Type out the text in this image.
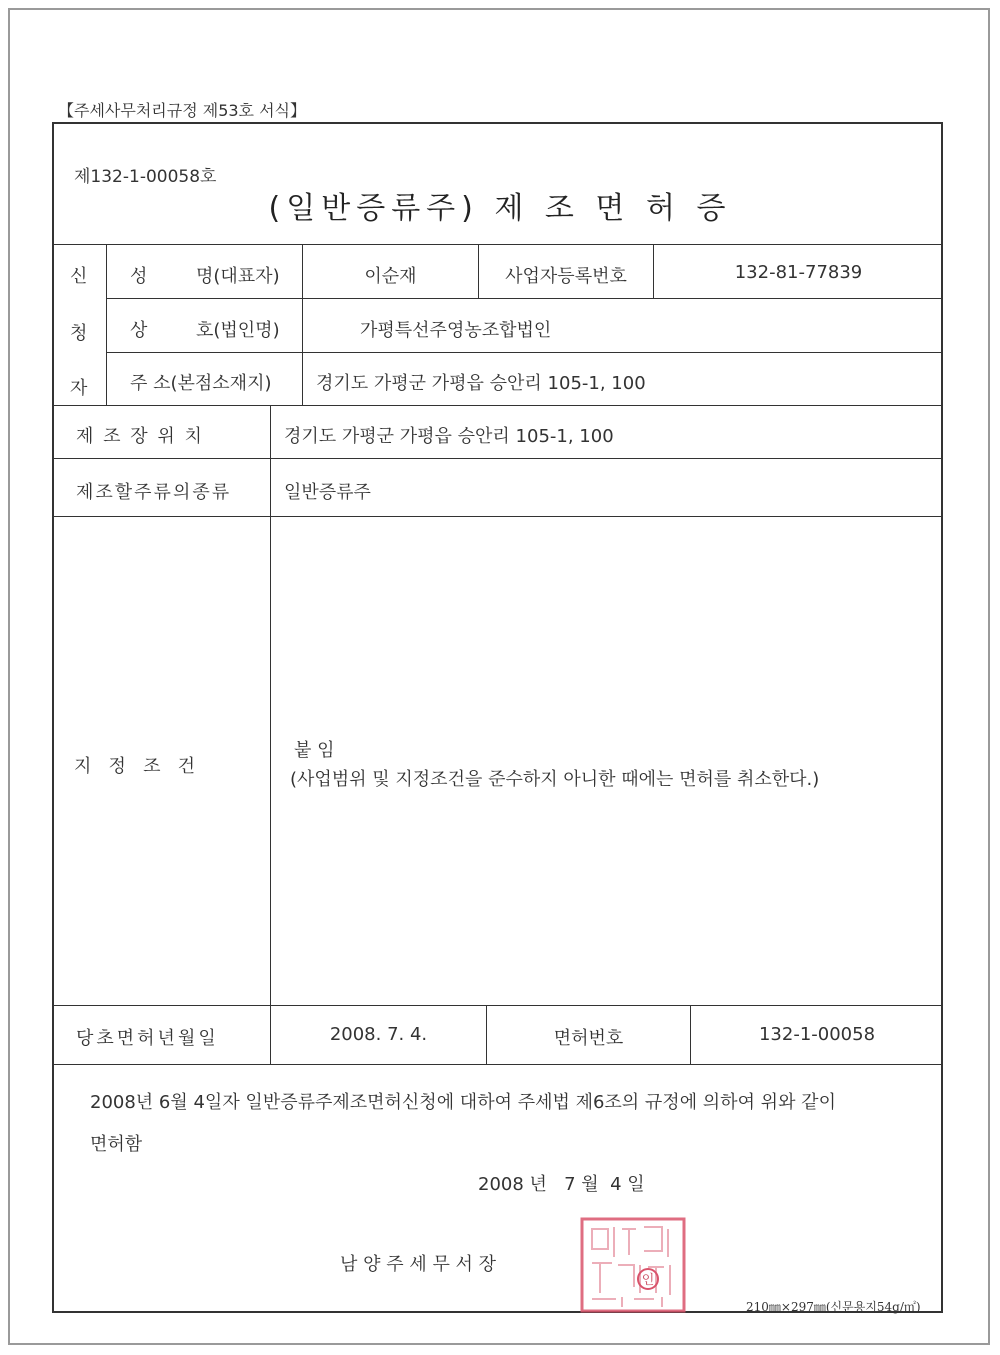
【주세사무처리규정 제53호 서식】
제132-1-00058호
(일반증류주) 제 조 면 허 증
신
청
자
성	명(대표자)	이순재	사업자등록번호	132-81-77839
상	호(법인명)	가평특선주영농조합법인
주 소(본점소재지) 경기도 가평군 가평읍 승안리 105-1, 100
제 조 장 위 치	경기도 가평군 가평읍 승안리 105-1, 100
제조할주류의종류	일반증류주
지   정   조   건
붙 임
(사업범위 및 지정조건을 준수하지 아니한 때에는 면허를 취소한다.)
당초면허년월일	2008. 7. 4.	면허번호	132-1-00058
2008년 6월 4일자 일반증류주제조면허신청에 대하여 주세법 제6조의 규정에 의하여 위와 같이
면허함
2008 년   7 월  4 일
남 양 주 세 무 서 장
인
210㎜×297㎜(신문용지54g/㎡)
